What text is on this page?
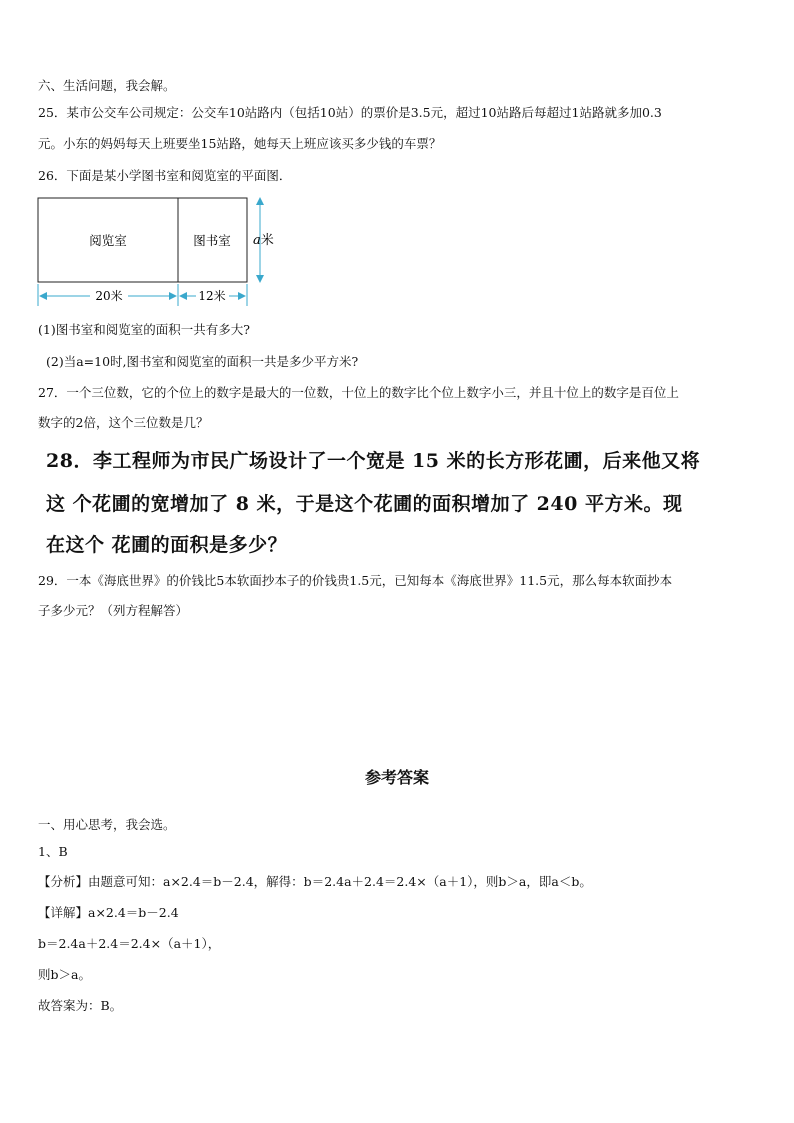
六、生活问题，我会解。
25．某市公交车公司规定：公交车10站路内（包括10站）的票价是3.5元，超过10站路后每超过1站路就多加0.3
元。小东的妈妈每天上班要坐15站路，她每天上班应该买多少钱的车票？
26．下面是某小学图书室和阅览室的平面图．
阅览室	图书室 a米
20米	12米
(1)图书室和阅览室的面积一共有多大?
(2)当a=10时,图书室和阅览室的面积一共是多少平方米?
27．一个三位数，它的个位上的数字是最大的一位数，十位上的数字比个位上数字小三，并且十位上的数字是百位上
数字的2倍，这个三位数是几？
28．李工程师为市民广场设计了一个宽是 15 米的长方形花圃，后来他又将
这 个花圃的宽增加了 8 米，于是这个花圃的面积增加了 240 平方米。现
在这个 花圃的面积是多少？
29．一本《海底世界》的价钱比5本软面抄本子的价钱贵1.5元，已知每本《海底世界》11.5元，那么每本软面抄本
子多少元？（列方程解答）
参考答案
一、用心思考，我会选。
1、B
【分析】由题意可知：a×2.4＝b－2.4，解得：b＝2.4a＋2.4＝2.4×（a＋1），则b＞a，即a＜b。
【详解】a×2.4＝b－2.4
b＝2.4a＋2.4＝2.4×（a＋1），
则b＞a。
故答案为：B。
